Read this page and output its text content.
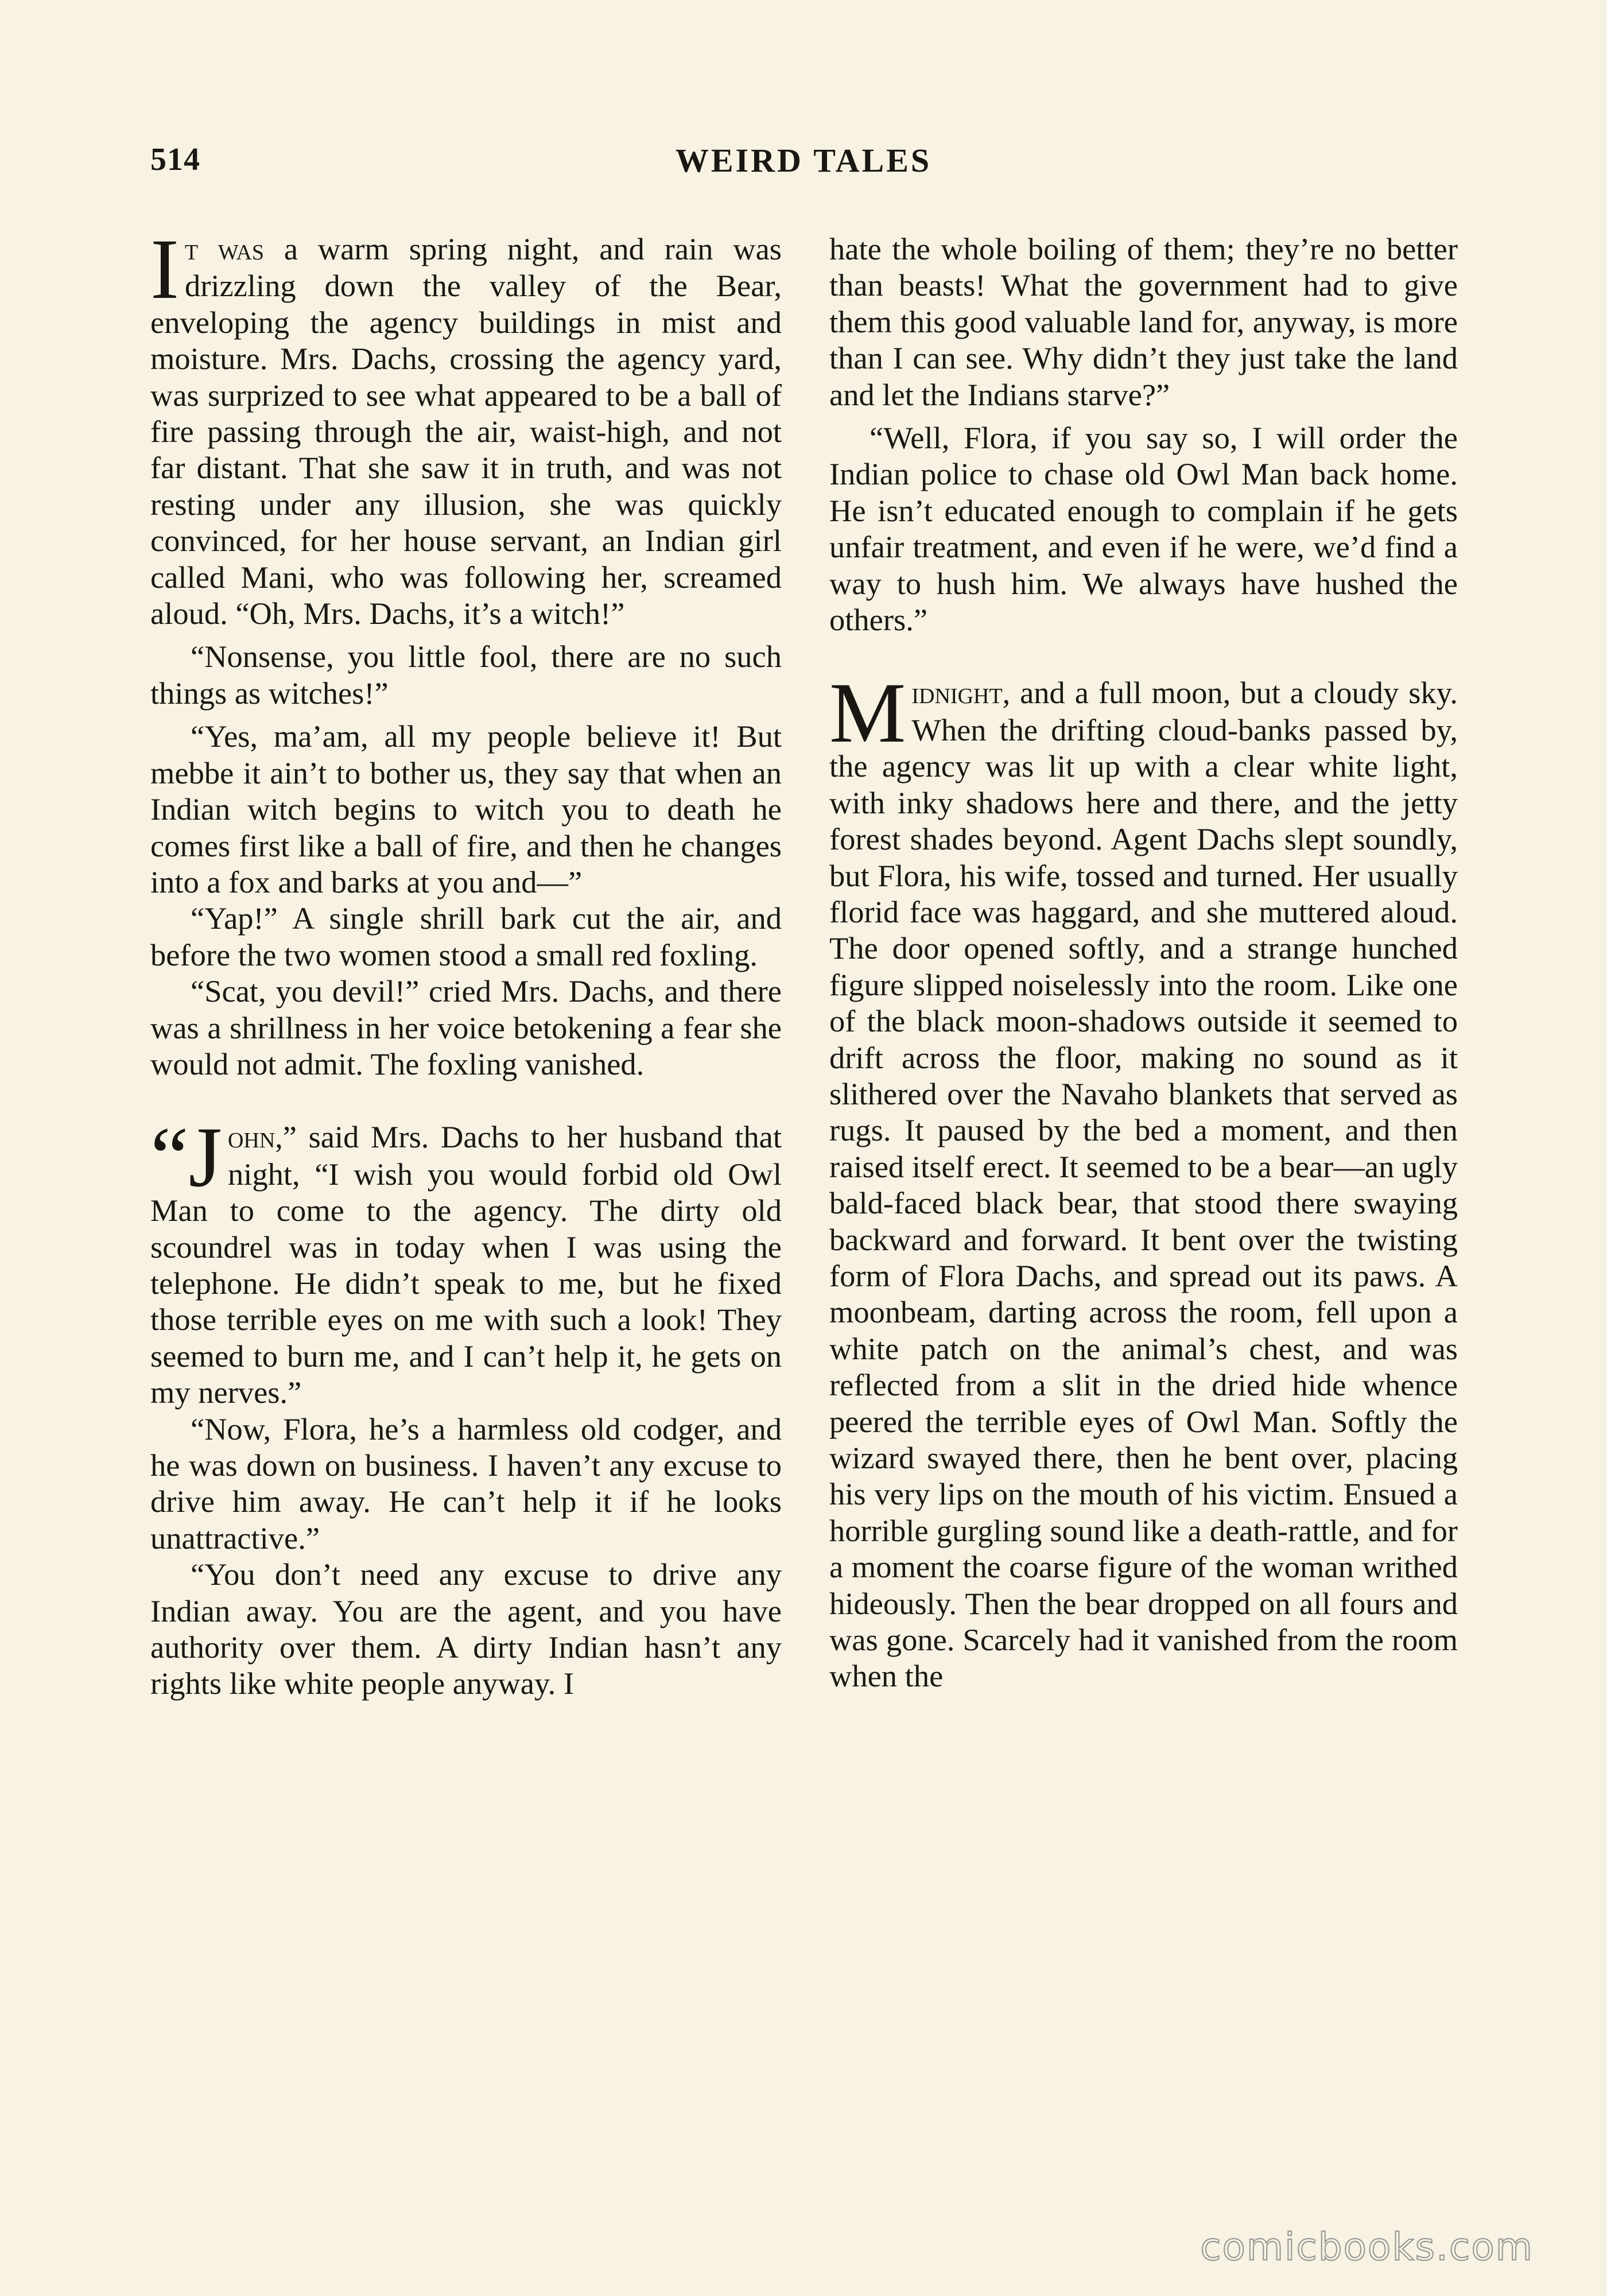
514	WEIRD TALES

It was a warm spring night, and rain was drizzling down the valley of the Bear, enveloping the agency buildings in mist and moisture. Mrs. Dachs, crossing the agency yard, was surprized to see what appeared to be a ball of fire passing through the air, waist-high, and not far distant. That she saw it in truth, and was not resting under any illusion, she was quickly convinced, for her house servant, an Indian girl called Mani, who was following her, screamed aloud. “Oh, Mrs. Dachs, it’s a witch!”

“Nonsense, you little fool, there are no such things as witches!”

“Yes, ma’am, all my people believe it! But mebbe it ain’t to bother us, they say that when an Indian witch begins to witch you to death he comes first like a ball of fire, and then he changes into a fox and barks at you and—”

“Yap!” A single shrill bark cut the air, and before the two women stood a small red foxling.

“Scat, you devil!” cried Mrs. Dachs, and there was a shrillness in her voice betokening a fear she would not admit. The foxling vanished.

“J ohn,” said Mrs. Dachs to her husband that night, “I wish you would forbid old Owl Man to come to the agency. The dirty old scoundrel was in today when I was using the telephone. He didn’t speak to me, but he fixed those terrible eyes on me with such a look! They seemed to burn me, and I can’t help it, he gets on my nerves.”

“Now, Flora, he’s a harmless old codger, and he was down on business. I haven’t any excuse to drive him away. He can’t help it if he looks unattractive.”

“You don’t need any excuse to drive any Indian away. You are the agent, and you have authority over them. A dirty Indian hasn’t any rights like white people anyway. I

hate the whole boiling of them; they’re no better than beasts! What the government had to give them this good valuable land for, anyway, is more than I can see. Why didn’t they just take the land and let the Indians starve?”

“Well, Flora, if you say so, I will order the Indian police to chase old Owl Man back home. He isn’t educated enough to complain if he gets unfair treatment, and even if he were, we’d find a way to hush him. We always have hushed the others.”

Midnight, and a full moon, but a cloudy sky. When the drifting cloud-banks passed by, the agency was lit up with a clear white light, with inky shadows here and there, and the jetty forest shades beyond. Agent Dachs slept soundly, but Flora, his wife, tossed and turned. Her usually florid face was haggard, and she muttered aloud. The door opened softly, and a strange hunched figure slipped noiselessly into the room. Like one of the black moon-shadows outside it seemed to drift across the floor, making no sound as it slithered over the Navaho blankets that served as rugs. It paused by the bed a moment, and then raised itself erect. It seemed to be a bear—an ugly bald-faced black bear, that stood there swaying backward and forward. It bent over the twisting form of Flora Dachs, and spread out its paws. A moonbeam, darting across the room, fell upon a white patch on the animal’s chest, and was reflected from a slit in the dried hide whence peered the terrible eyes of Owl Man. Softly the wizard swayed there, then he bent over, placing his very lips on the mouth of his victim. Ensued a horrible gurgling sound like a death-rattle, and for a moment the coarse figure of the woman writhed hideously. Then the bear dropped on all fours and was gone. Scarcely had it vanished from the room when the

comicbooks.com
